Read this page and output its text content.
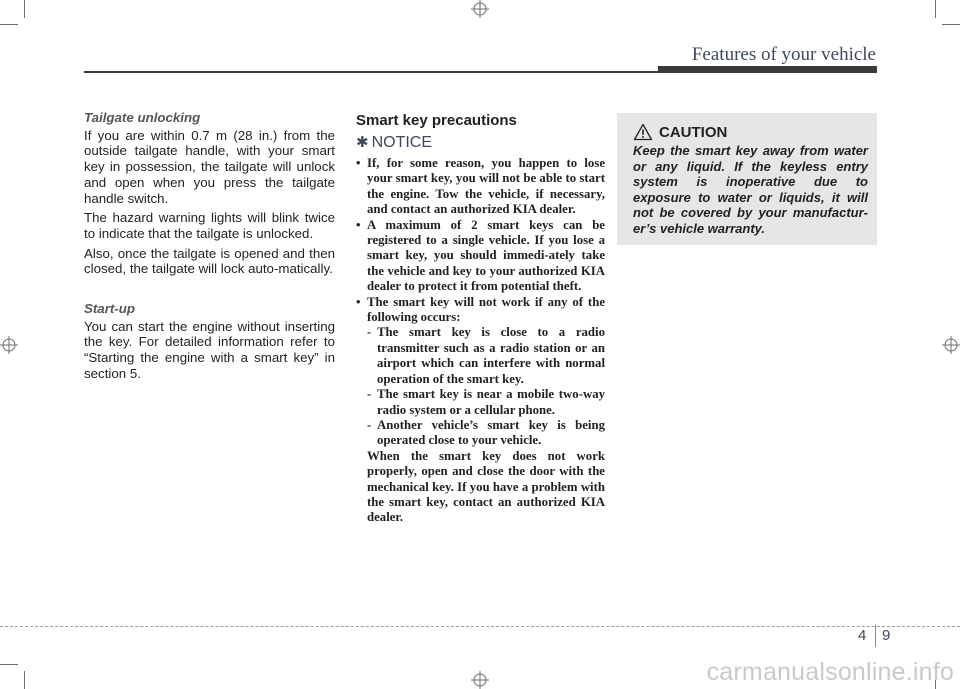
Features of your vehicle
Tailgate unlocking

If you are within 0.7 m (28 in.) from the outside tailgate handle, with your smart key in possession, the tailgate will unlock and open when you press the tailgate handle switch.

The hazard warning lights will blink twice to indicate that the tailgate is unlocked.

Also, once the tailgate is opened and then closed, the tailgate will lock auto-matically.

Start-up

You can start the engine without inserting the key. For detailed information refer to “Starting the engine with a smart key” in section 5.

Smart key precautions
✱ NOTICE
• If, for some reason, you happen to lose your smart key, you will not be able to start the engine. Tow the vehicle, if necessary, and contact an authorized KIA dealer.
• A maximum of 2 smart keys can be registered to a single vehicle. If you lose a smart key, you should immedi-ately take the vehicle and key to your authorized KIA dealer to protect it from potential theft.
• The smart key will not work if any of the following occurs:
- The smart key is close to a radio transmitter such as a radio station or an airport which can interfere with normal operation of the smart key.
- The smart key is near a mobile two-way radio system or a cellular phone.
- Another vehicle’s smart key is being operated close to your vehicle.
When the smart key does not work properly, open and close the door with the mechanical key. If you have a problem with the smart key, contact an authorized KIA dealer.
CAUTION
Keep the smart key away from water or any liquid. If the keyless entry system is inoperative due to exposure to water or liquids, it will not be covered by your manufactur-er’s vehicle warranty.
4 9
carmanualsonline.info
